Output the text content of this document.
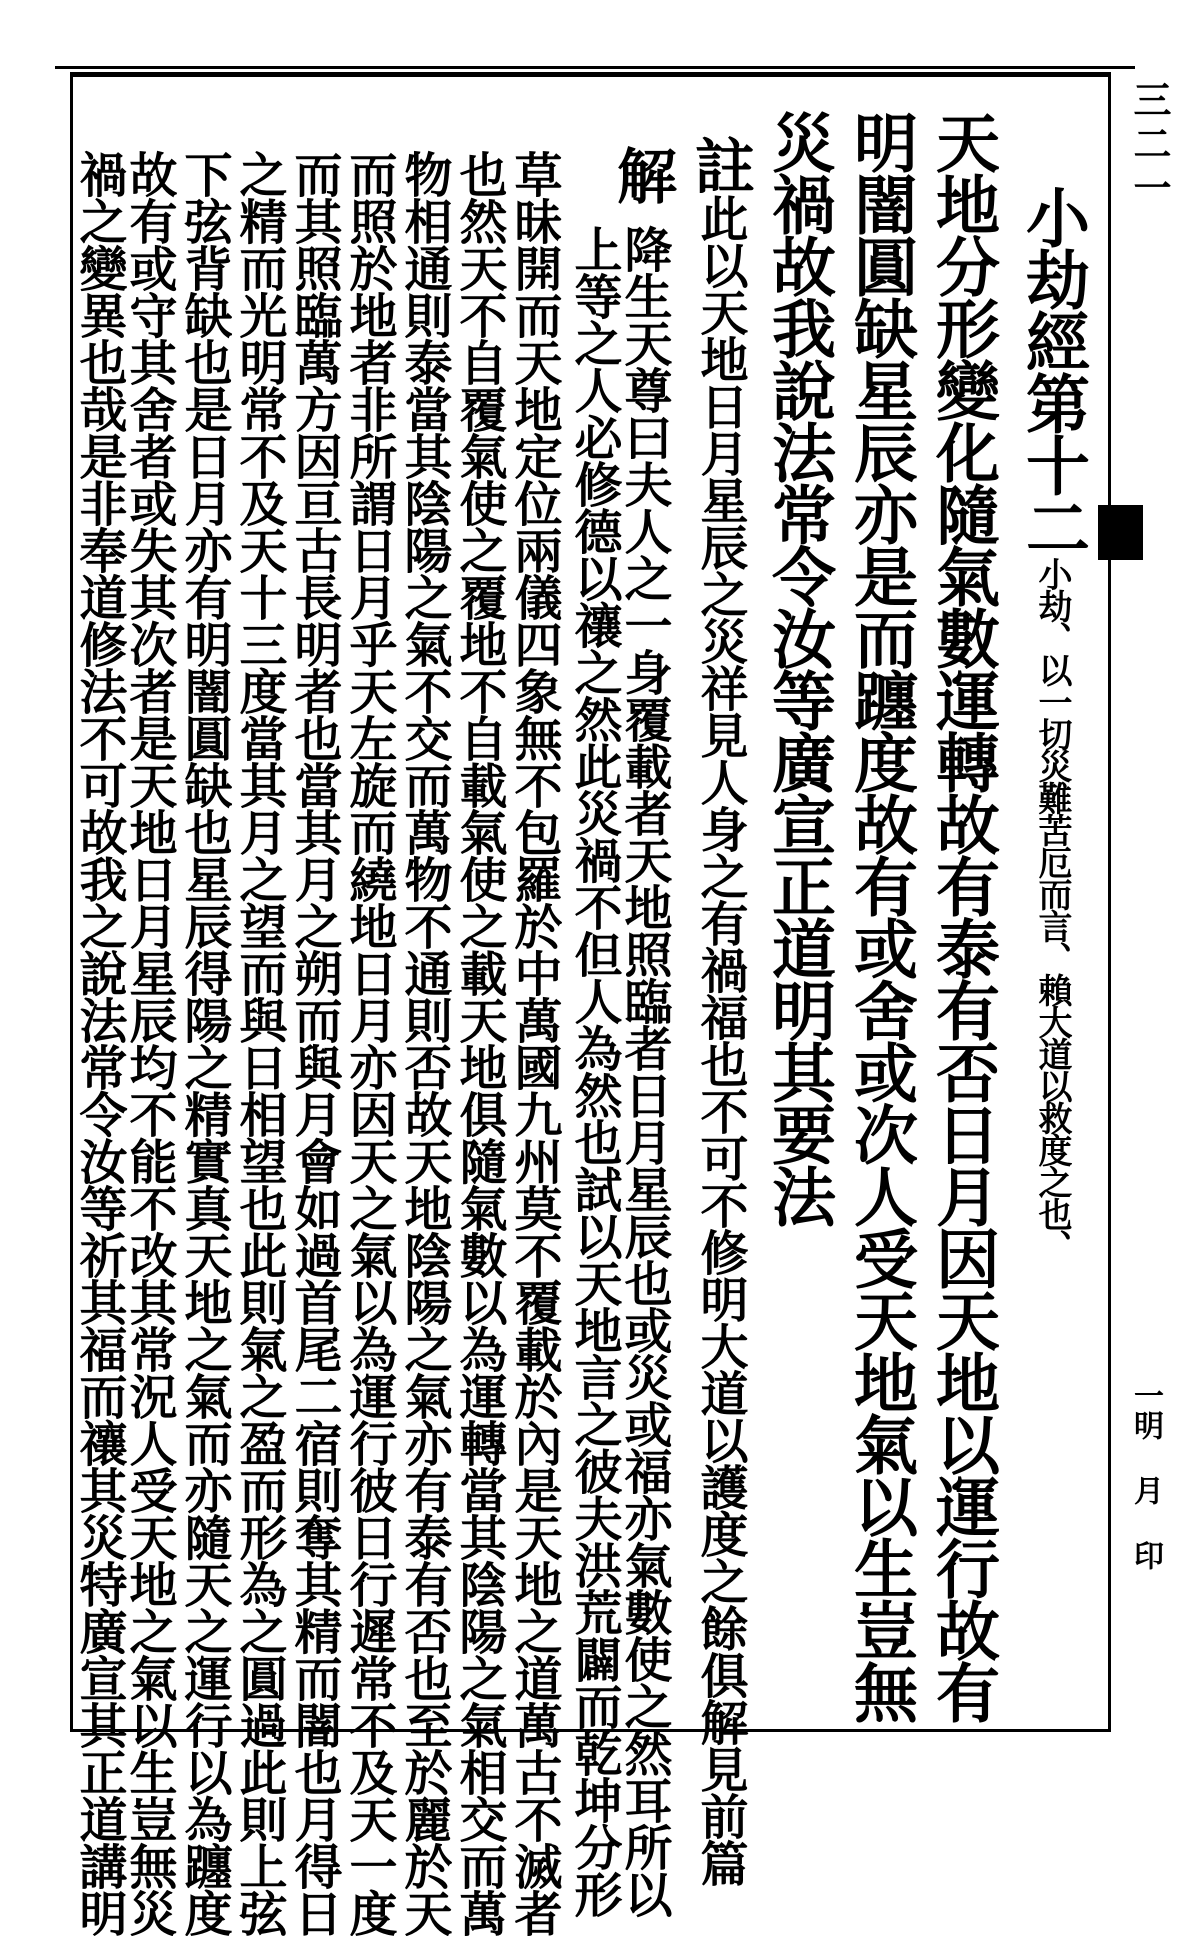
小劫經第十二小劫、以一切災難苦厄而言、賴大道以救度之也、
天地分形變化隨氣數運轉故有泰有否日月因天地以運行故有
明闇圓缺星辰亦是而躔度故有或舍或次人受天地氣以生豈無
災禍故我說法常令汝等廣宣正道明其要法
註此以天地日月星辰之災祥見人身之有禍福也不可不修明大道以護度之餘俱解見前篇
解
降生天尊曰夫人之一身覆載者天地照臨者日月星辰也或災或福亦氣數使之然耳所以
上等之人必修德以禳之然此災禍不但人為然也試以天地言之彼夫洪荒闢而乾坤分形
草昧開而天地定位兩儀四象無不包羅於中萬國九州莫不覆載於內是天地之道萬古不滅者
也然天不自覆氣使之覆地不自載氣使之載天地俱隨氣數以為運轉當其陰陽之氣相交而萬
物相通則泰當其陰陽之氣不交而萬物不通則否故天地陰陽之氣亦有泰有否也至於麗於天
而照於地者非所謂日月乎天左旋而繞地日月亦因天之氣以為運行彼日行遲常不及天一度
而其照臨萬方因亘古長明者也當其月之朔而與月會如過首尾二宿則奪其精而闇也月得日
之精而光明常不及天十三度當其月之望而與日相望也此則氣之盈而形為之圓過此則上弦
下弦背缺也是日月亦有明闇圓缺也星辰得陽之精實真天地之氣而亦隨天之運行以為躔度
故有或守其舍者或失其次者是天地日月星辰均不能不改其常況人受天地之氣以生豈無災
禍之變異也哉是非奉道修法不可故我之說法常令汝等祈其福而禳其災特廣宣其正道講明
三二一
一明 月 印
